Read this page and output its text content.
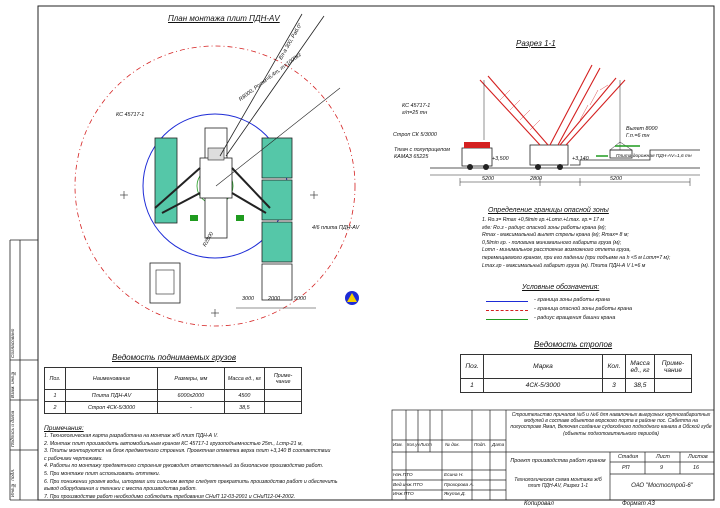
Согласовано
Взам. инв.№
Подпись и дата
Инв.№ подл.
План монтажа плит ПДН-АV
КС 45717-1
R8000, Ротм=6,4т, m=1000кг
Вл-а 300, Раб.0°
R2800
4/6 плита ПДН-AV
2000
3000	5000
Разрез 1-1
КС 45717-1
г/п=25 тн
Строп СК 5/3000
Тягач с полуприцепом
КАМАЗ 65225
Вылет 8000
Г.п.=6 тн
Плита дорожная ПДН-АV=1,6 тн
+3,500	+3,140
5200	2800	5200
Определение границы опасной зоны
1. Rо.з= Rmax +0,5lmin гр.+Lотл.+Lmax. гр.= 17 м
где: Rо.з - радиус опасной зоны работы крана (м);
Rmax - максимальный вылет стрелы крана (м); Rmax= 8 м;
0,5lmin гр. - половина минимального габарита груза (м);
Lотл - минимальное расстояние возможного отлета груза,
перемещаемого краном, при его падении (при подъеме на h <5 м Lотл=7 м);
Lmax.гр - максимальный габарит груза (м). Плита ПДН-А V L=6 м
Условные обозначения:
- граница зоны работы крана
- граница опасной зоны работы крана
- радиус вращения башни крана
Ведомость поднимаемых грузов
Поз.	Наименование	Размеры, мм	Масса ед., кг	Приме-чание
1	Плита ПДН-АV	6000х2000	4500	
2	Строп 4СК-5/3000	-	38,5	
Ведомость стропов
Поз.	Марка	Кол.	Масса ед., кг	Приме-чание
1	4СК-5/3000	3	38,5	
Примечания:
1. Технологическая карта разработана на монтаж ж/б плит ПДН-А V.
2. Монтаж плит производить автомобильным краном КС 45717-1 грузоподъемностью 25т., Lстр-21 м,
3. Плиты монтируются на блок предметного строения. Проектная отметка верха плит +3,140 В соответствии
с рабочими чертежами.
4. Работы по монтажу предметного строения руководит ответственный за безопасное производство работ.
5. При монтаже плит использовать оттяжки.
6. При понижении уровня воды, штормах или сильном ветре следует прекратить производство работ и обеспечить
вывод оборудования и техники с места производства работ.
7. При производстве работ необходимо соблюдать требования СНиП 12-03-2001 и СНиП12-04-2002.
Изм. Кол.уч Лист	№ док.	Подп. Дата
Нач.ПТО	Есина Н.
Вед.инж.ПТО	Прохорова А.
Инж.ПТО	Якупов Д.
Строительство причалов №5 и №6 для навалочных выгрузных крупногабаритных модулей в составе объектов морского порта в районе пос. Сабетта на полуострове Ямал, Включая создание судоходного подходного канала в Обской губе (объекты подготовительного периода)
Проект производства работ краном
Технологическая схема монтажа ж/б плит ПДН-АV, Разрез 1-1
Стадия	Лист	Листов
РП	9	16
ОАО "Мостострой-6"
Копировал	Формат А3
